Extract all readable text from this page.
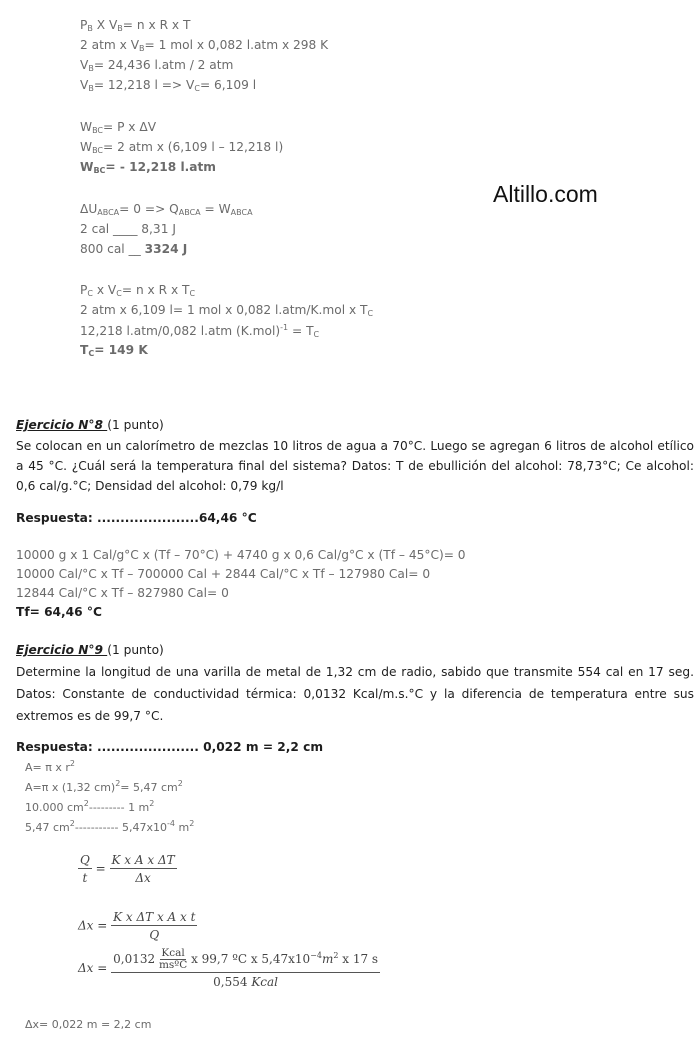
$P_B$ X $V_B= n$ x R x T
2 atm x $V_B= 1$ mol x 0,082 l.atm x 298 K
$V_B= 24,436$ l.atm / 2 atm
$V_B= 12,218$ $l => V_C= 6,109$ l
$W_{BC}= P$ x ΔV
$W_{BC}= 2$ atm x (6,109 l – 12,218 l)
$W_{BC}= - 12,218$ l.atm
Altillo.com
$\Delta U_{ABCA}= 0 => Q_{ABCA} = W_{ABCA}$
2 cal ____ 8,31 J
800 cal __ 3324 J
$P_C$ x $V_C= n$ x R x $T_C$
2 atm x 6,109 l= 1 mol x 0,082 l.atm/K.mol x $T_C$
12,218 l.atm/0,082 l.atm $(K.mol)^{-1} = T_C$
$T_C= 149$ K
Ejercicio N°8 (1 punto)
Se colocan en un calorímetro de mezclas 10 litros de agua a 70°C. Luego se agregan 6 litros de alcohol etílico a 45 °C. ¿Cuál será la temperatura final del sistema? Datos: T de ebullición del alcohol: 78,73°C; Ce alcohol: 0,6 cal/g.°C; Densidad del alcohol: 0,79 kg/l
Respuesta: ......................64,46 °C
10000 g x 1 Cal/g°C x (Tf – 70°C) + 4740 g x 0,6 Cal/g°C x (Tf – 45°C)= 0
10000 Cal/°C x Tf – 700000 Cal + 2844 Cal/°C x Tf – 127980 Cal= 0
12844 Cal/°C x Tf – 827980 Cal= 0
Tf= 64,46 °C
Ejercicio N°9 (1 punto)
Determine la longitud de una varilla de metal de 1,32 cm de radio, sabido que transmite 554 cal en 17 seg. Datos: Constante de conductividad térmica: 0,0132 Kcal/m.s.°C y la diferencia de temperatura entre sus extremos es de 99,7 °C.
Respuesta: ...................... 0,022 m = 2,2 cm
A= π x $r^2$
A=π x (1,32 cm)$^2$= 5,47 $cm^2$
10.000 $cm^2---------$ 1 $m^2$
5,47 $cm^2-----------$ $5,47x10^{-4}$ $m^2$
$\frac{Q}{t} = \frac{\text{K x A x ΔT}}{\Delta x}$
$\Delta x = \frac{\text{K x ΔT x A x t}}{Q}$
Δx = 0,0132 Kcal
msºC x 99,7 ºC x $5,47x10^{-4}m^2$ x 17 s
0,554 Kcal
Δx= 0,022 m = 2,2 cm
